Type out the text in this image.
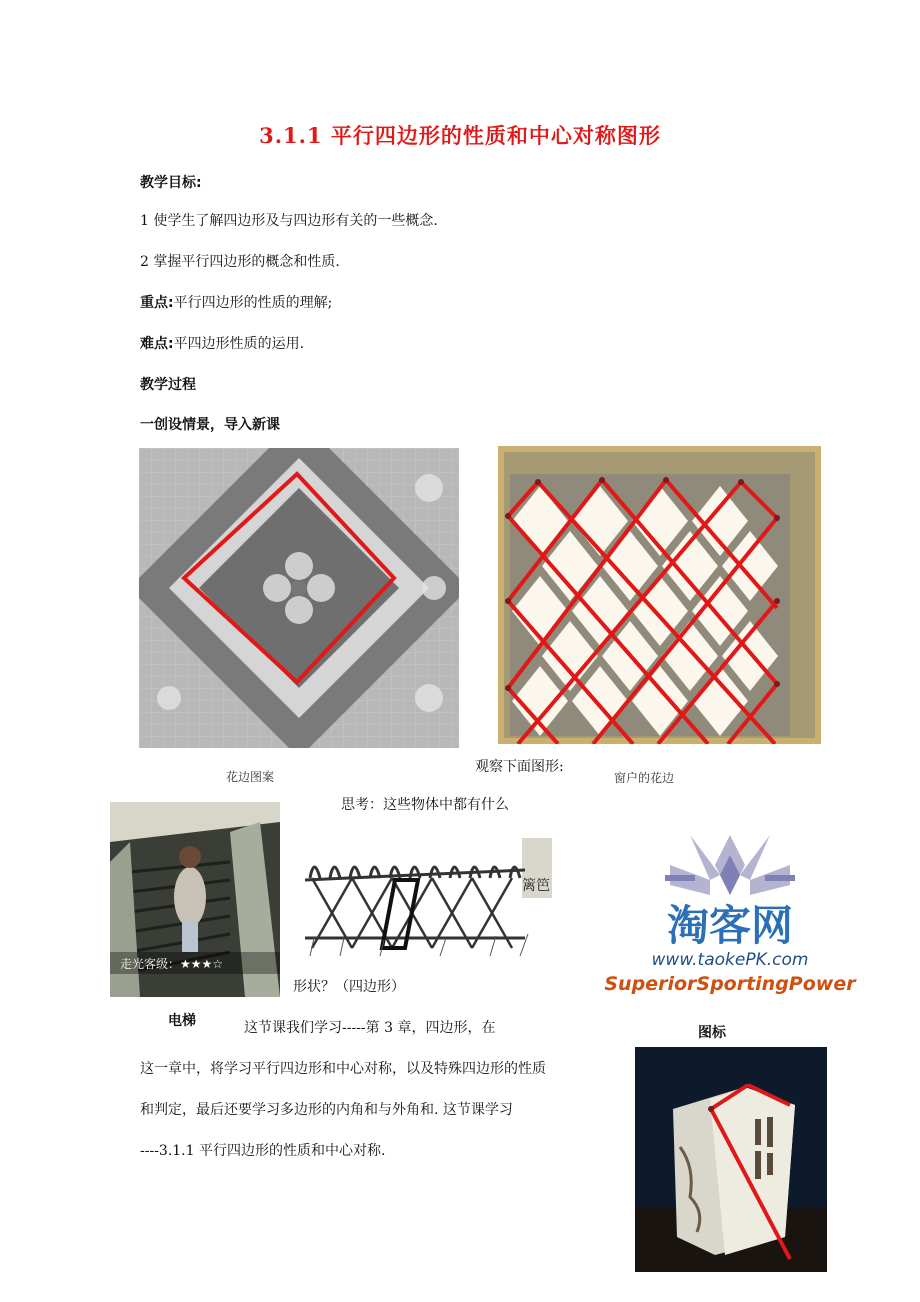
3.1.1 平行四边形的性质和中心对称图形
教学目标:
1 使学生了解四边形及与四边形有关的一些概念.
2 掌握平行四边形的概念和性质.
重点:平行四边形的性质的理解;
难点:平四边形性质的运用.
教学过程
一创设情景，导入新课
花边图案
观察下面图形:
窗户的花边
思考：这些物体中都有什么
走光客级：★★★☆
电梯
篱笆
形状？（四边形）
淘客网
www.taokePK.com
SuperiorSportingPower
图标
这节课我们学习-----第 3 章，四边形，在
这一章中，将学习平行四边形和中心对称，以及特殊四边形的性质
和判定，最后还要学习多边形的内角和与外角和. 这节课学习
----3.1.1 平行四边形的性质和中心对称.
